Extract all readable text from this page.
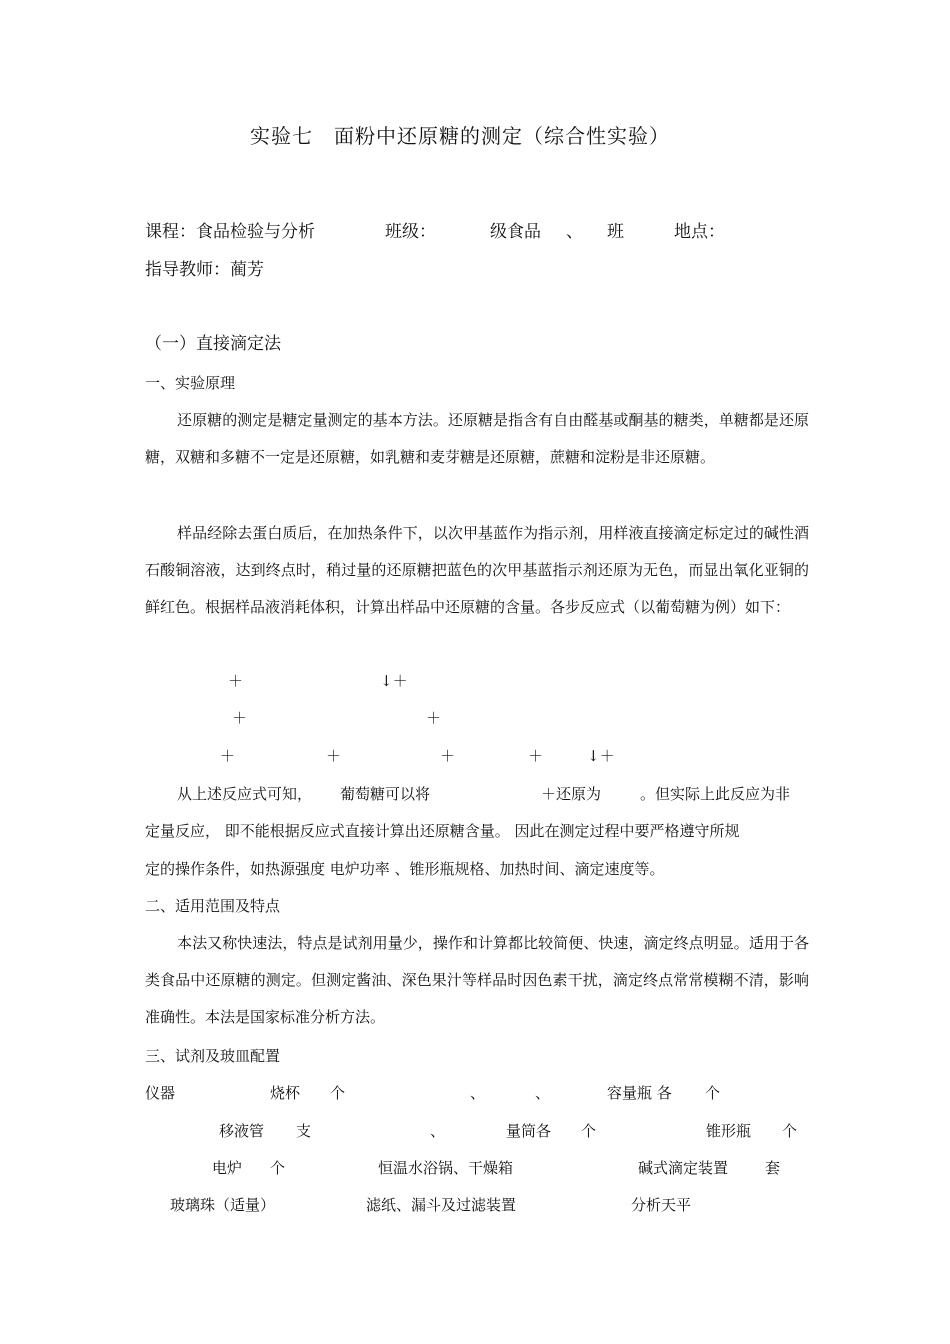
实验七　面粉中还原糖的测定（综合性实验）
课程：食品检验与分析	班级：	级食品 、 班	地点：
指导教师：蔺芳
（一）直接滴定法
一、实验原理
还原糖的测定是糖定量测定的基本方法。还原糖是指含有自由醛基或酮基的糖类，单糖都是还原糖，双糖和多糖不一定是还原糖，如乳糖和麦芽糖是还原糖，蔗糖和淀粉是非还原糖。
样品经除去蛋白质后，在加热条件下，以次甲基蓝作为指示剂，用样液直接滴定标定过的碱性酒石酸铜溶液，达到终点时，稍过量的还原糖把蓝色的次甲基蓝指示剂还原为无色，而显出氧化亚铜的鲜红色。根据样品液消耗体积，计算出样品中还原糖的含量。各步反应式（以葡萄糖为例）如下：
＋	↓＋
＋	＋
＋	＋	＋	＋	↓＋
从上述反应式可知， 葡萄糖可以将	＋还原为	。但实际上此反应为非
定量反应， 即不能根据反应式直接计算出还原糖含量。 因此在测定过程中要严格遵守所规
定的操作条件，如热源强度 电炉功率 、锥形瓶规格、加热时间、滴定速度等。
二、适用范围及特点
本法又称快速法，特点是试剂用量少，操作和计算都比较简便、快速，滴定终点明显。适用于各类食品中还原糖的测定。但测定酱油、深色果汁等样品时因色素干扰，滴定终点常常模糊不清，影响准确性。本法是国家标准分析方法。
三、试剂及玻皿配置
仪器	烧杯 个	、	、	容量瓶 各 个
移液管 支	、	量筒各 个	锥形瓶 个
电炉 个	恒温水浴锅、干燥箱	碱式滴定装置 套
玻璃珠（适量）	滤纸、漏斗及过滤装置	分析天平
